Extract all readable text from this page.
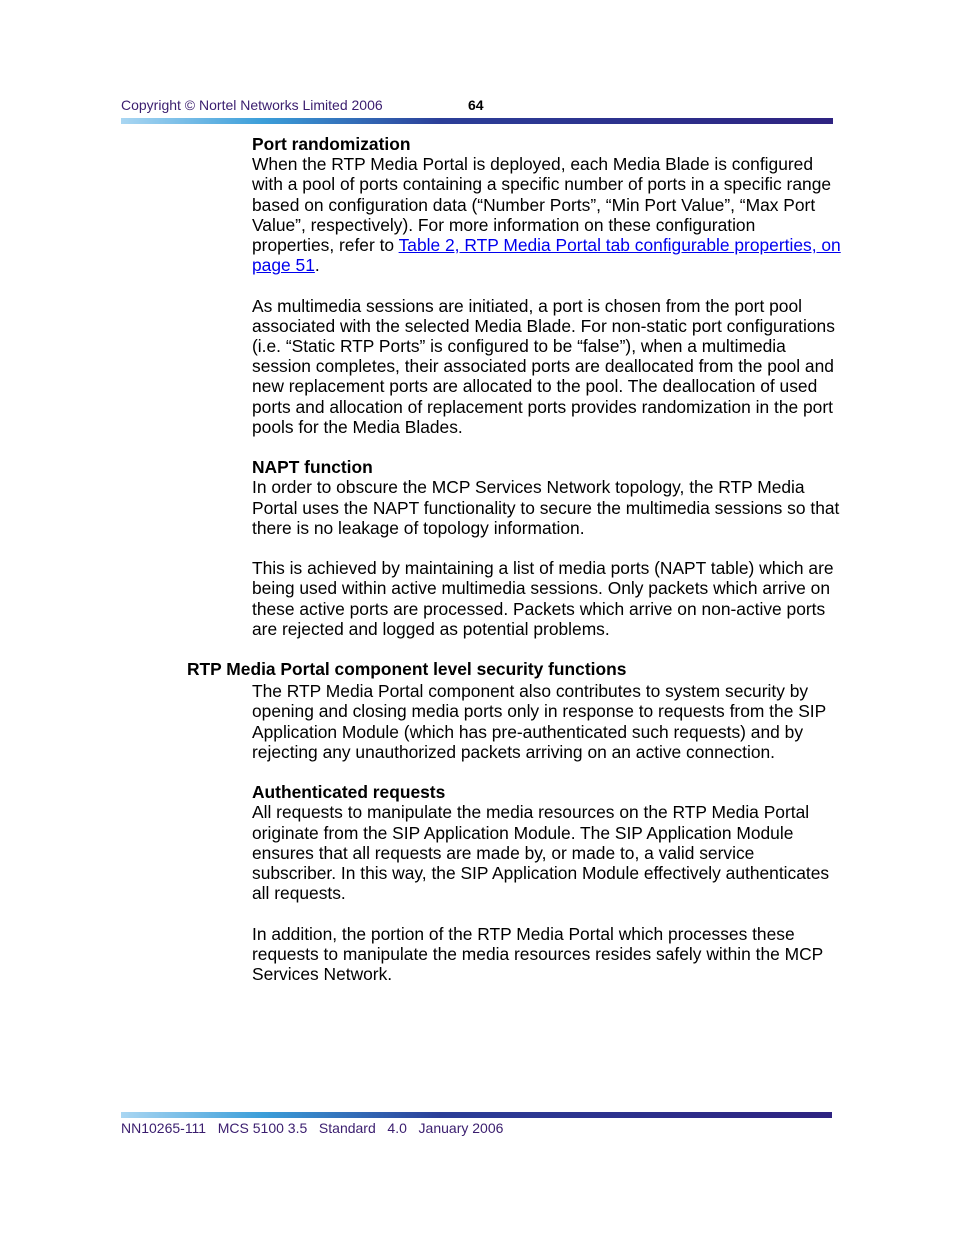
Copyright © Nortel Networks Limited 2006	64

Port randomization

When the RTP Media Portal is deployed, each Media Blade is configured with a pool of ports containing a specific number of ports in a specific range based on configuration data (“Number Ports”, “Min Port Value”, “Max Port Value”, respectively). For more information on these configuration properties, refer to Table 2, RTP Media Portal tab configurable properties, on page 51.

As multimedia sessions are initiated, a port is chosen from the port pool associated with the selected Media Blade. For non-static port configurations (i.e. “Static RTP Ports” is configured to be “false”), when a multimedia session completes, their associated ports are deallocated from the pool and new replacement ports are allocated to the pool. The deallocation of used ports and allocation of replacement ports provides randomization in the port pools for the Media Blades.

NAPT function

In order to obscure the MCP Services Network topology, the RTP Media Portal uses the NAPT functionality to secure the multimedia sessions so that there is no leakage of topology information.

This is achieved by maintaining a list of media ports (NAPT table) which are being used within active multimedia sessions. Only packets which arrive on these active ports are processed. Packets which arrive on non-active ports are rejected and logged as potential problems.

RTP Media Portal component level security functions

The RTP Media Portal component also contributes to system security by opening and closing media ports only in response to requests from the SIP Application Module (which has pre-authenticated such requests) and by rejecting any unauthorized packets arriving on an active connection.

Authenticated requests

All requests to manipulate the media resources on the RTP Media Portal originate from the SIP Application Module. The SIP Application Module ensures that all requests are made by, or made to, a valid service subscriber. In this way, the SIP Application Module effectively authenticates all requests.

In addition, the portion of the RTP Media Portal which processes these requests to manipulate the media resources resides safely within the MCP Services Network.

NN10265-111   MCS 5100 3.5   Standard   4.0   January 2006
